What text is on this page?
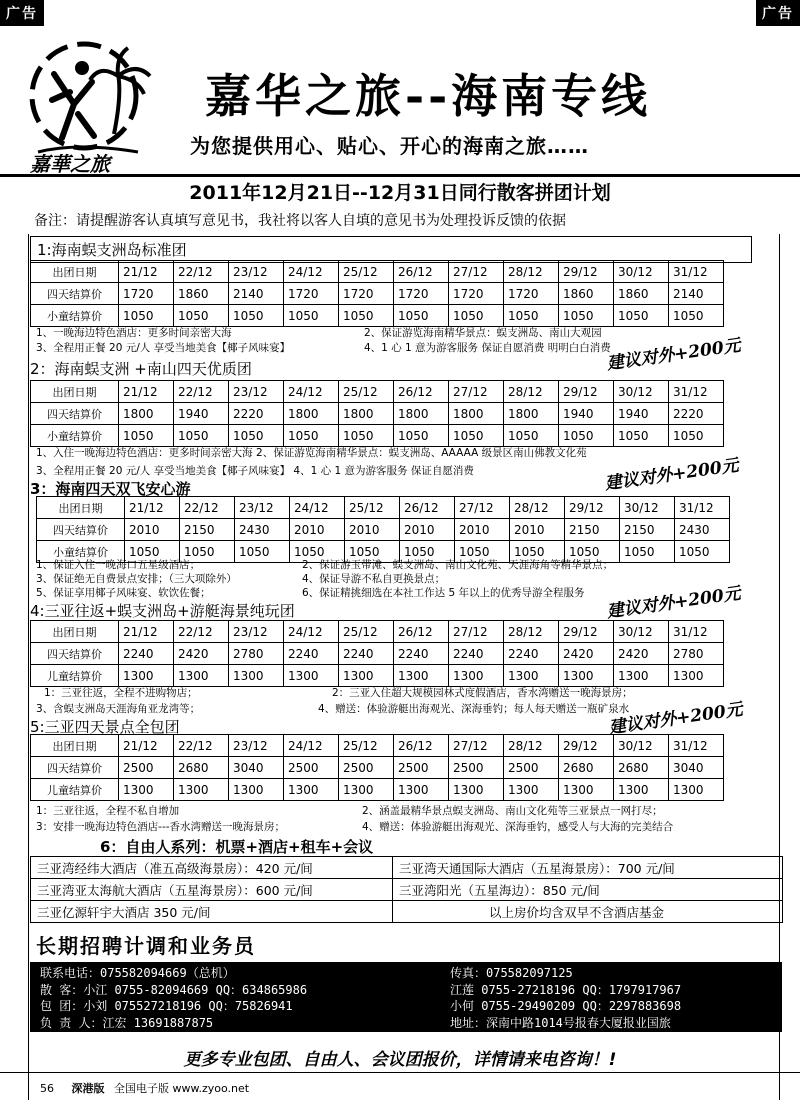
广告	广告
嘉華之旅
嘉华之旅--海南专线
为您提供用心、贴心、开心的海南之旅……
2011年12月21日--12月31日同行散客拼团计划
备注：请提醒游客认真填写意见书，我社将以客人自填的意见书为处理投诉反馈的依据
1:海南蜈支洲岛标准团
出团日期	21/12	22/12	23/12	24/12	25/12	26/12	27/12	28/12	29/12	30/12	31/12
四天结算价	1720	1860	2140	1720	1720	1720	1720	1720	1860	1860	2140
小童结算价	1050	1050	1050	1050	1050	1050	1050	1050	1050	1050	1050
1、一晚海边特色酒店：更多时间亲密大海	2、保证游览海南精华景点：蜈支洲岛、南山大观园
3、全程用正餐 20 元/人 享受当地美食【椰子风味宴】	4、1 心 1 意为游客服务 保证自愿消费 明明白白消费
建议对外+200元
2：海南蜈支洲 +南山四天优质团
出团日期	21/12	22/12	23/12	24/12	25/12	26/12	27/12	28/12	29/12	30/12	31/12
四天结算价	1800	1940	2220	1800	1800	1800	1800	1800	1940	1940	2220
小童结算价	1050	1050	1050	1050	1050	1050	1050	1050	1050	1050	1050
1、入住一晚海边特色酒店：更多时间亲密大海 2、保证游览海南精华景点：蜈支洲岛、AAAAA 级景区南山佛教文化苑
3、全程用正餐 20 元/人 享受当地美食【椰子风味宴】 4、1 心 1 意为游客服务 保证自愿消费	建议对外+200元
3：海南四天双飞安心游
出团日期	21/12	22/12	23/12	24/12	25/12	26/12	27/12	28/12	29/12	30/12	31/12
四天结算价	2010	2150	2430	2010	2010	2010	2010	2010	2150	2150	2430
小童结算价	1050	1050	1050	1050	1050	1050	1050	1050	1050	1050	1050
1、保证入住一晚海口五星级酒店；	2、保证游玉带滩、蜈支洲岛、南山文化苑、天涯海角等精华景点；
3、保证绝无自费景点安排；（三大项除外）	4、保证导游不私自更换景点；
5、保证享用椰子风味宴、软饮佐餐；	6、保证精挑细选在本社工作达 5 年以上的优秀导游全程服务 建议对外+200元
4:三亚往返+蜈支洲岛+游艇海景纯玩团
出团日期	21/12	22/12	23/12	24/12	25/12	26/12	27/12	28/12	29/12	30/12	31/12
四天结算价	2240	2420	2780	2240	2240	2240	2240	2240	2420	2420	2780
儿童结算价	1300	1300	1300	1300	1300	1300	1300	1300	1300	1300	1300
1：三亚往返，全程不进购物店；	2：三亚入住超大规模园林式度假酒店，香水湾赠送一晚海景房；
3、含蜈支洲岛天涯海角亚龙湾等；	4、赠送：体验游艇出海观光、深海垂钓；每人每天赠送一瓶矿泉水
建议对外+200元
5:三亚四天景点全包团
出团日期	21/12	22/12	23/12	24/12	25/12	26/12	27/12	28/12	29/12	30/12	31/12
四天结算价	2500	2680	3040	2500	2500	2500	2500	2500	2680	2680	3040
儿童结算价	1300	1300	1300	1300	1300	1300	1300	1300	1300	1300	1300
1：三亚往返，全程不私自增加	2、涵盖最精华景点蜈支洲岛、南山文化苑等三亚景点一网打尽；
3：安排一晚海边特色酒店---香水湾赠送一晚海景房；	4、赠送：体验游艇出海观光、深海垂钓，感受人与大海的完美结合
6：自由人系列：机票+酒店+租车+会议
三亚湾经纬大酒店（准五高级海景房）：420 元/间	三亚湾天通国际大酒店（五星海景房）：700 元/间
三亚湾亚太海航大酒店（五星海景房）：600 元/间	三亚湾阳光（五星海边）：850 元/间
三亚亿源轩宇大酒店 350 元/间	以上房价均含双早不含酒店基金
长期招聘计调和业务员
联系电话：075582094669（总机）	传真：075582097125
散 客：小江 0755-82094669 QQ：634865986	江莲 0755-27218196 QQ：1797917967
包 团：小刘 075527218196 QQ：75826941	小何 0755-29490209 QQ：2297883698
负 责 人：江宏 13691887875	地址：深南中路1014号报春大厦报业国旅
更多专业包团、自由人、会议团报价，详情请来电咨询！!
56 深港版 全国电子版 www.zyoo.net
